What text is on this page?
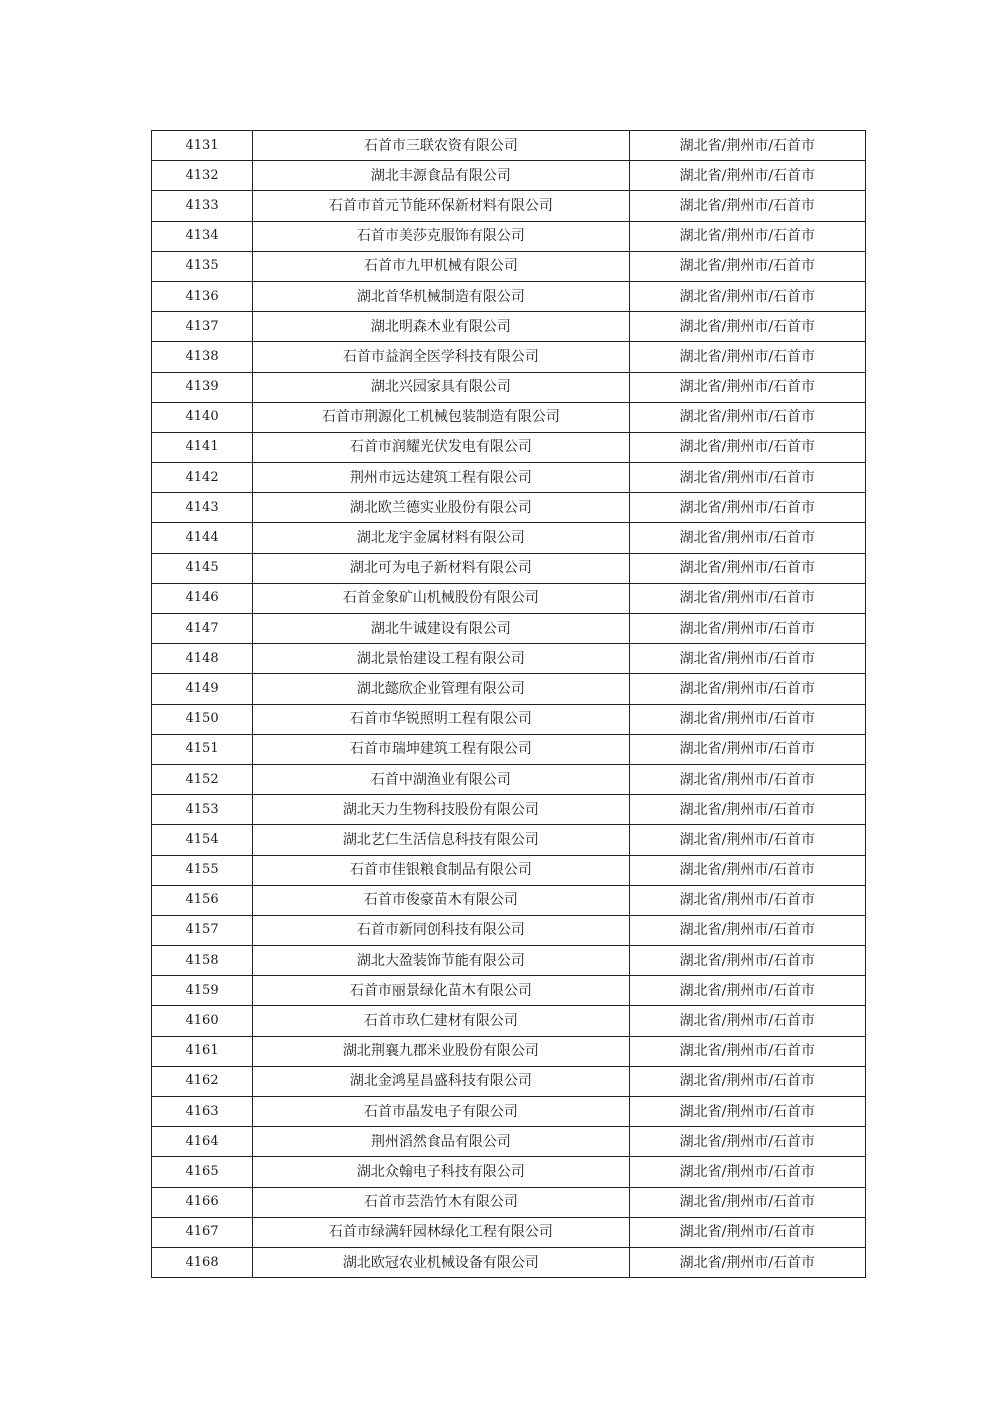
4131	石首市三联农资有限公司	湖北省/荆州市/石首市
4132	湖北丰源食品有限公司	湖北省/荆州市/石首市
4133	石首市首元节能环保新材料有限公司	湖北省/荆州市/石首市
4134	石首市美莎克服饰有限公司	湖北省/荆州市/石首市
4135	石首市九甲机械有限公司	湖北省/荆州市/石首市
4136	湖北首华机械制造有限公司	湖北省/荆州市/石首市
4137	湖北明森木业有限公司	湖北省/荆州市/石首市
4138	石首市益润全医学科技有限公司	湖北省/荆州市/石首市
4139	湖北兴园家具有限公司	湖北省/荆州市/石首市
4140	石首市荆源化工机械包装制造有限公司	湖北省/荆州市/石首市
4141	石首市润耀光伏发电有限公司	湖北省/荆州市/石首市
4142	荆州市远达建筑工程有限公司	湖北省/荆州市/石首市
4143	湖北欧兰德实业股份有限公司	湖北省/荆州市/石首市
4144	湖北龙宇金属材料有限公司	湖北省/荆州市/石首市
4145	湖北可为电子新材料有限公司	湖北省/荆州市/石首市
4146	石首金象矿山机械股份有限公司	湖北省/荆州市/石首市
4147	湖北牛诚建设有限公司	湖北省/荆州市/石首市
4148	湖北景怡建设工程有限公司	湖北省/荆州市/石首市
4149	湖北懿欣企业管理有限公司	湖北省/荆州市/石首市
4150	石首市华锐照明工程有限公司	湖北省/荆州市/石首市
4151	石首市瑞坤建筑工程有限公司	湖北省/荆州市/石首市
4152	石首中湖渔业有限公司	湖北省/荆州市/石首市
4153	湖北天力生物科技股份有限公司	湖北省/荆州市/石首市
4154	湖北艺仁生活信息科技有限公司	湖北省/荆州市/石首市
4155	石首市佳银粮食制品有限公司	湖北省/荆州市/石首市
4156	石首市俊豪苗木有限公司	湖北省/荆州市/石首市
4157	石首市新同创科技有限公司	湖北省/荆州市/石首市
4158	湖北大盈装饰节能有限公司	湖北省/荆州市/石首市
4159	石首市丽景绿化苗木有限公司	湖北省/荆州市/石首市
4160	石首市玖仁建材有限公司	湖北省/荆州市/石首市
4161	湖北荆襄九郡米业股份有限公司	湖北省/荆州市/石首市
4162	湖北金鸿星昌盛科技有限公司	湖北省/荆州市/石首市
4163	石首市晶发电子有限公司	湖北省/荆州市/石首市
4164	荆州滔然食品有限公司	湖北省/荆州市/石首市
4165	湖北众翰电子科技有限公司	湖北省/荆州市/石首市
4166	石首市芸浩竹木有限公司	湖北省/荆州市/石首市
4167	石首市绿满轩园林绿化工程有限公司	湖北省/荆州市/石首市
4168	湖北欧冠农业机械设备有限公司	湖北省/荆州市/石首市
